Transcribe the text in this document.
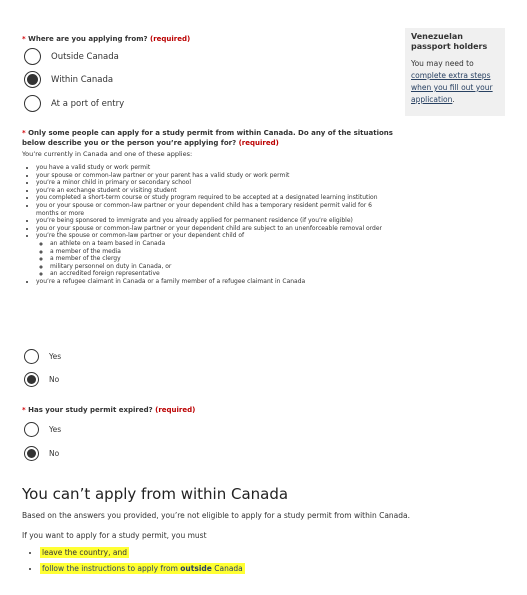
* Where are you applying from? (required)
Outside Canada
Within Canada
At a port of entry
Venezuelan passport holders

You may need to complete extra steps when you fill out your application.

* Only some people can apply for a study permit from within Canada. Do any of the situations below describe you or the person you’re applying for? (required)
You’re currently in Canada and one of these applies:
• you have a valid study or work permit
• your spouse or common-law partner or your parent has a valid study or work permit
• you’re a minor child in primary or secondary school
• you’re an exchange student or visiting student
• you completed a short-term course or study program required to be accepted at a designated learning institution
• you or your spouse or common-law partner or your dependent child has a temporary resident permit valid for 6 months or more
• you’re being sponsored to immigrate and you already applied for permanent residence (if you’re eligible)
• you or your spouse or common-law partner or your dependent child are subject to an unenforceable removal order
• you’re the spouse or common-law partner or your dependent child of
◦ an athlete on a team based in Canada
◦ a member of the media
◦ a member of the clergy
◦ military personnel on duty in Canada, or
◦ an accredited foreign representative
• you’re a refugee claimant in Canada or a family member of a refugee claimant in Canada
Yes
No
* Has your study permit expired? (required)
Yes
No
You can’t apply from within Canada
Based on the answers you provided, you’re not eligible to apply for a study permit from within Canada.
If you want to apply for a study permit, you must
• leave the country, and
• follow the instructions to apply from outside Canada
